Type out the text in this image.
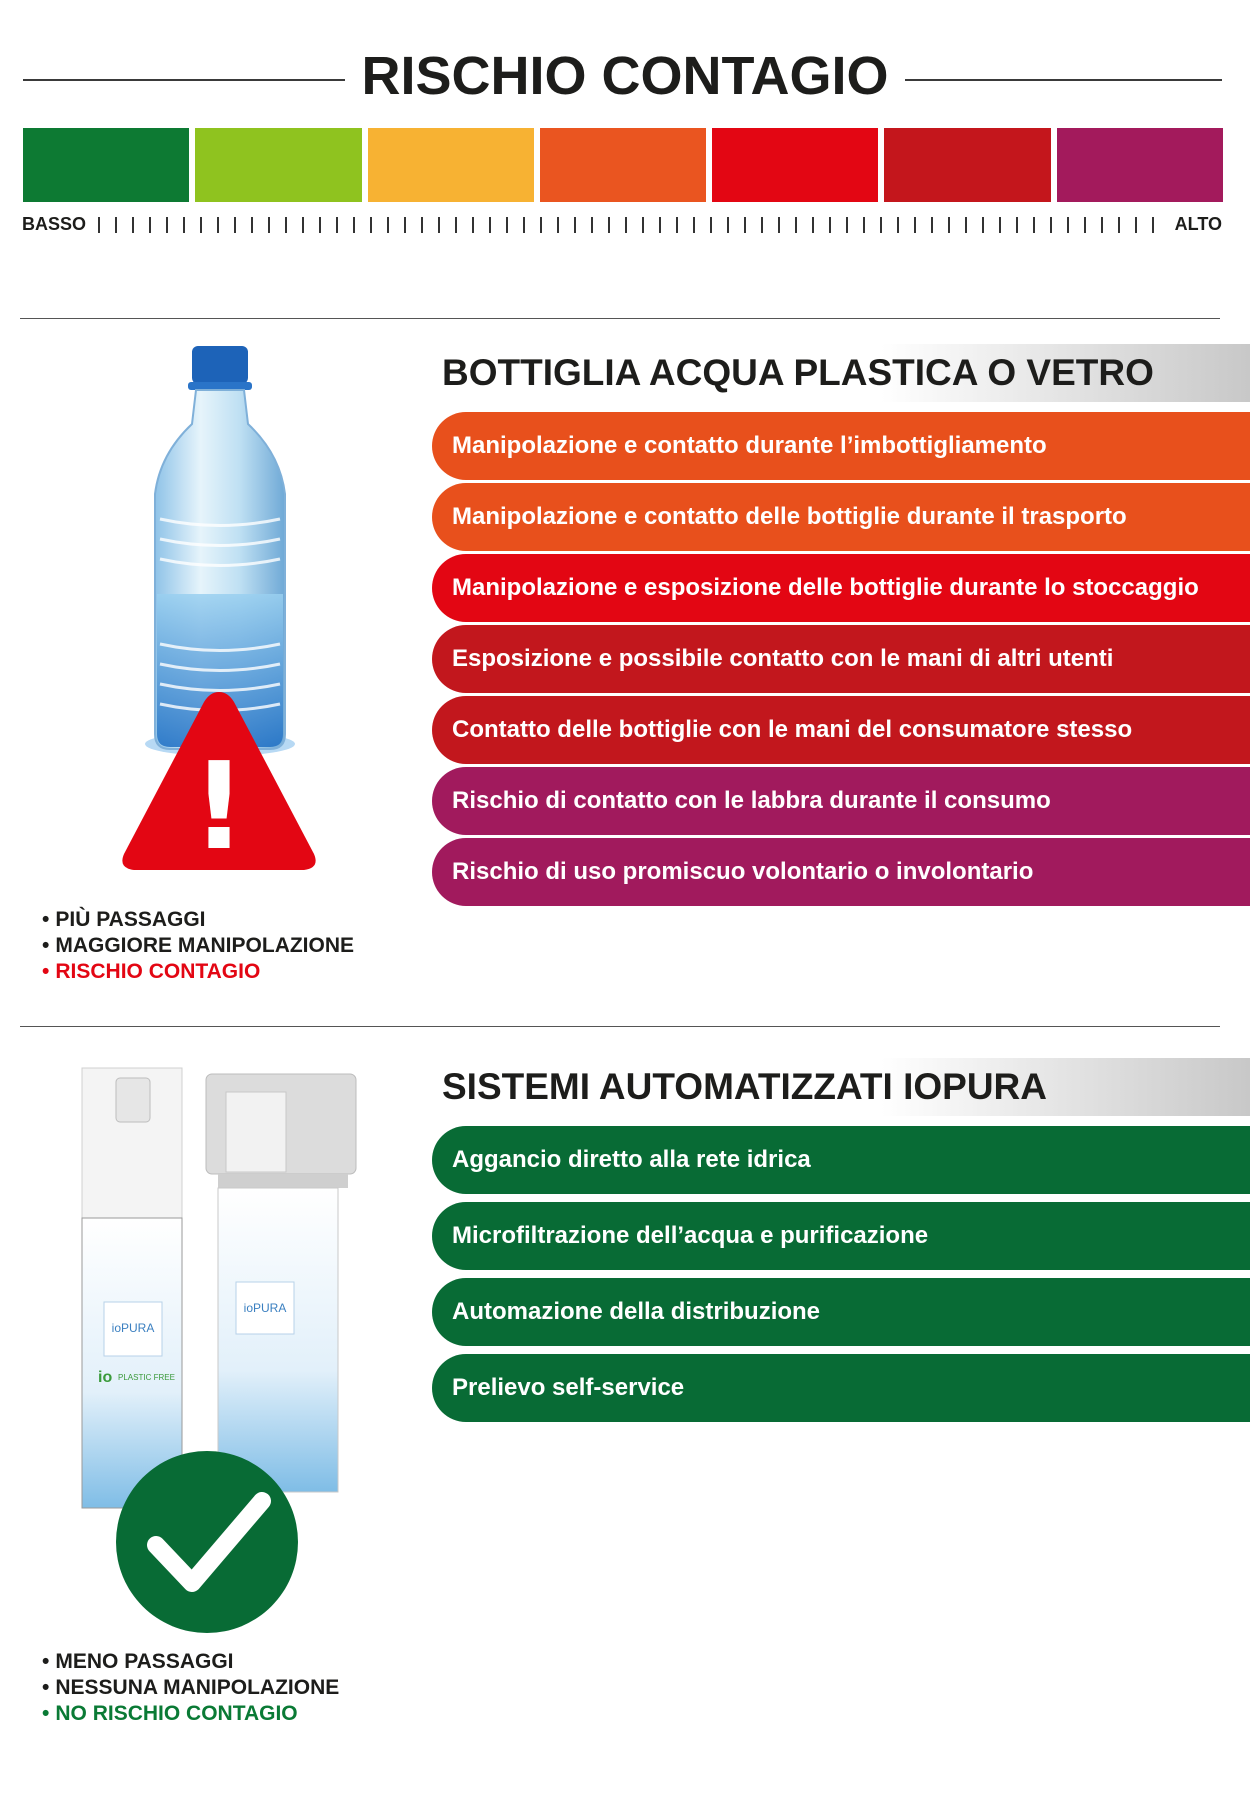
RISCHIO CONTAGIO
BASSO	ALTO
!
• PIÙ PASSAGGI
• MAGGIORE MANIPOLAZIONE
• RISCHIO CONTAGIO
BOTTIGLIA ACQUA PLASTICA O VETRO
Manipolazione e contatto durante l’imbottigliamento
Manipolazione e contatto delle bottiglie durante il trasporto
Manipolazione e esposizione delle bottiglie durante lo stoccaggio
Esposizione e possibile contatto con le mani di altri utenti
Contatto delle bottiglie con le mani del consumatore stesso
Rischio di contatto con le labbra durante il consumo
Rischio di uso promiscuo volontario o involontario
ioPURA
ioPURA
io PLASTIC FREE
• MENO PASSAGGI
• NESSUNA MANIPOLAZIONE
• NO RISCHIO CONTAGIO
SISTEMI AUTOMATIZZATI IOPURA
Aggancio diretto alla rete idrica
Microfiltrazione dell’acqua e purificazione
Automazione della distribuzione
Prelievo self-service
